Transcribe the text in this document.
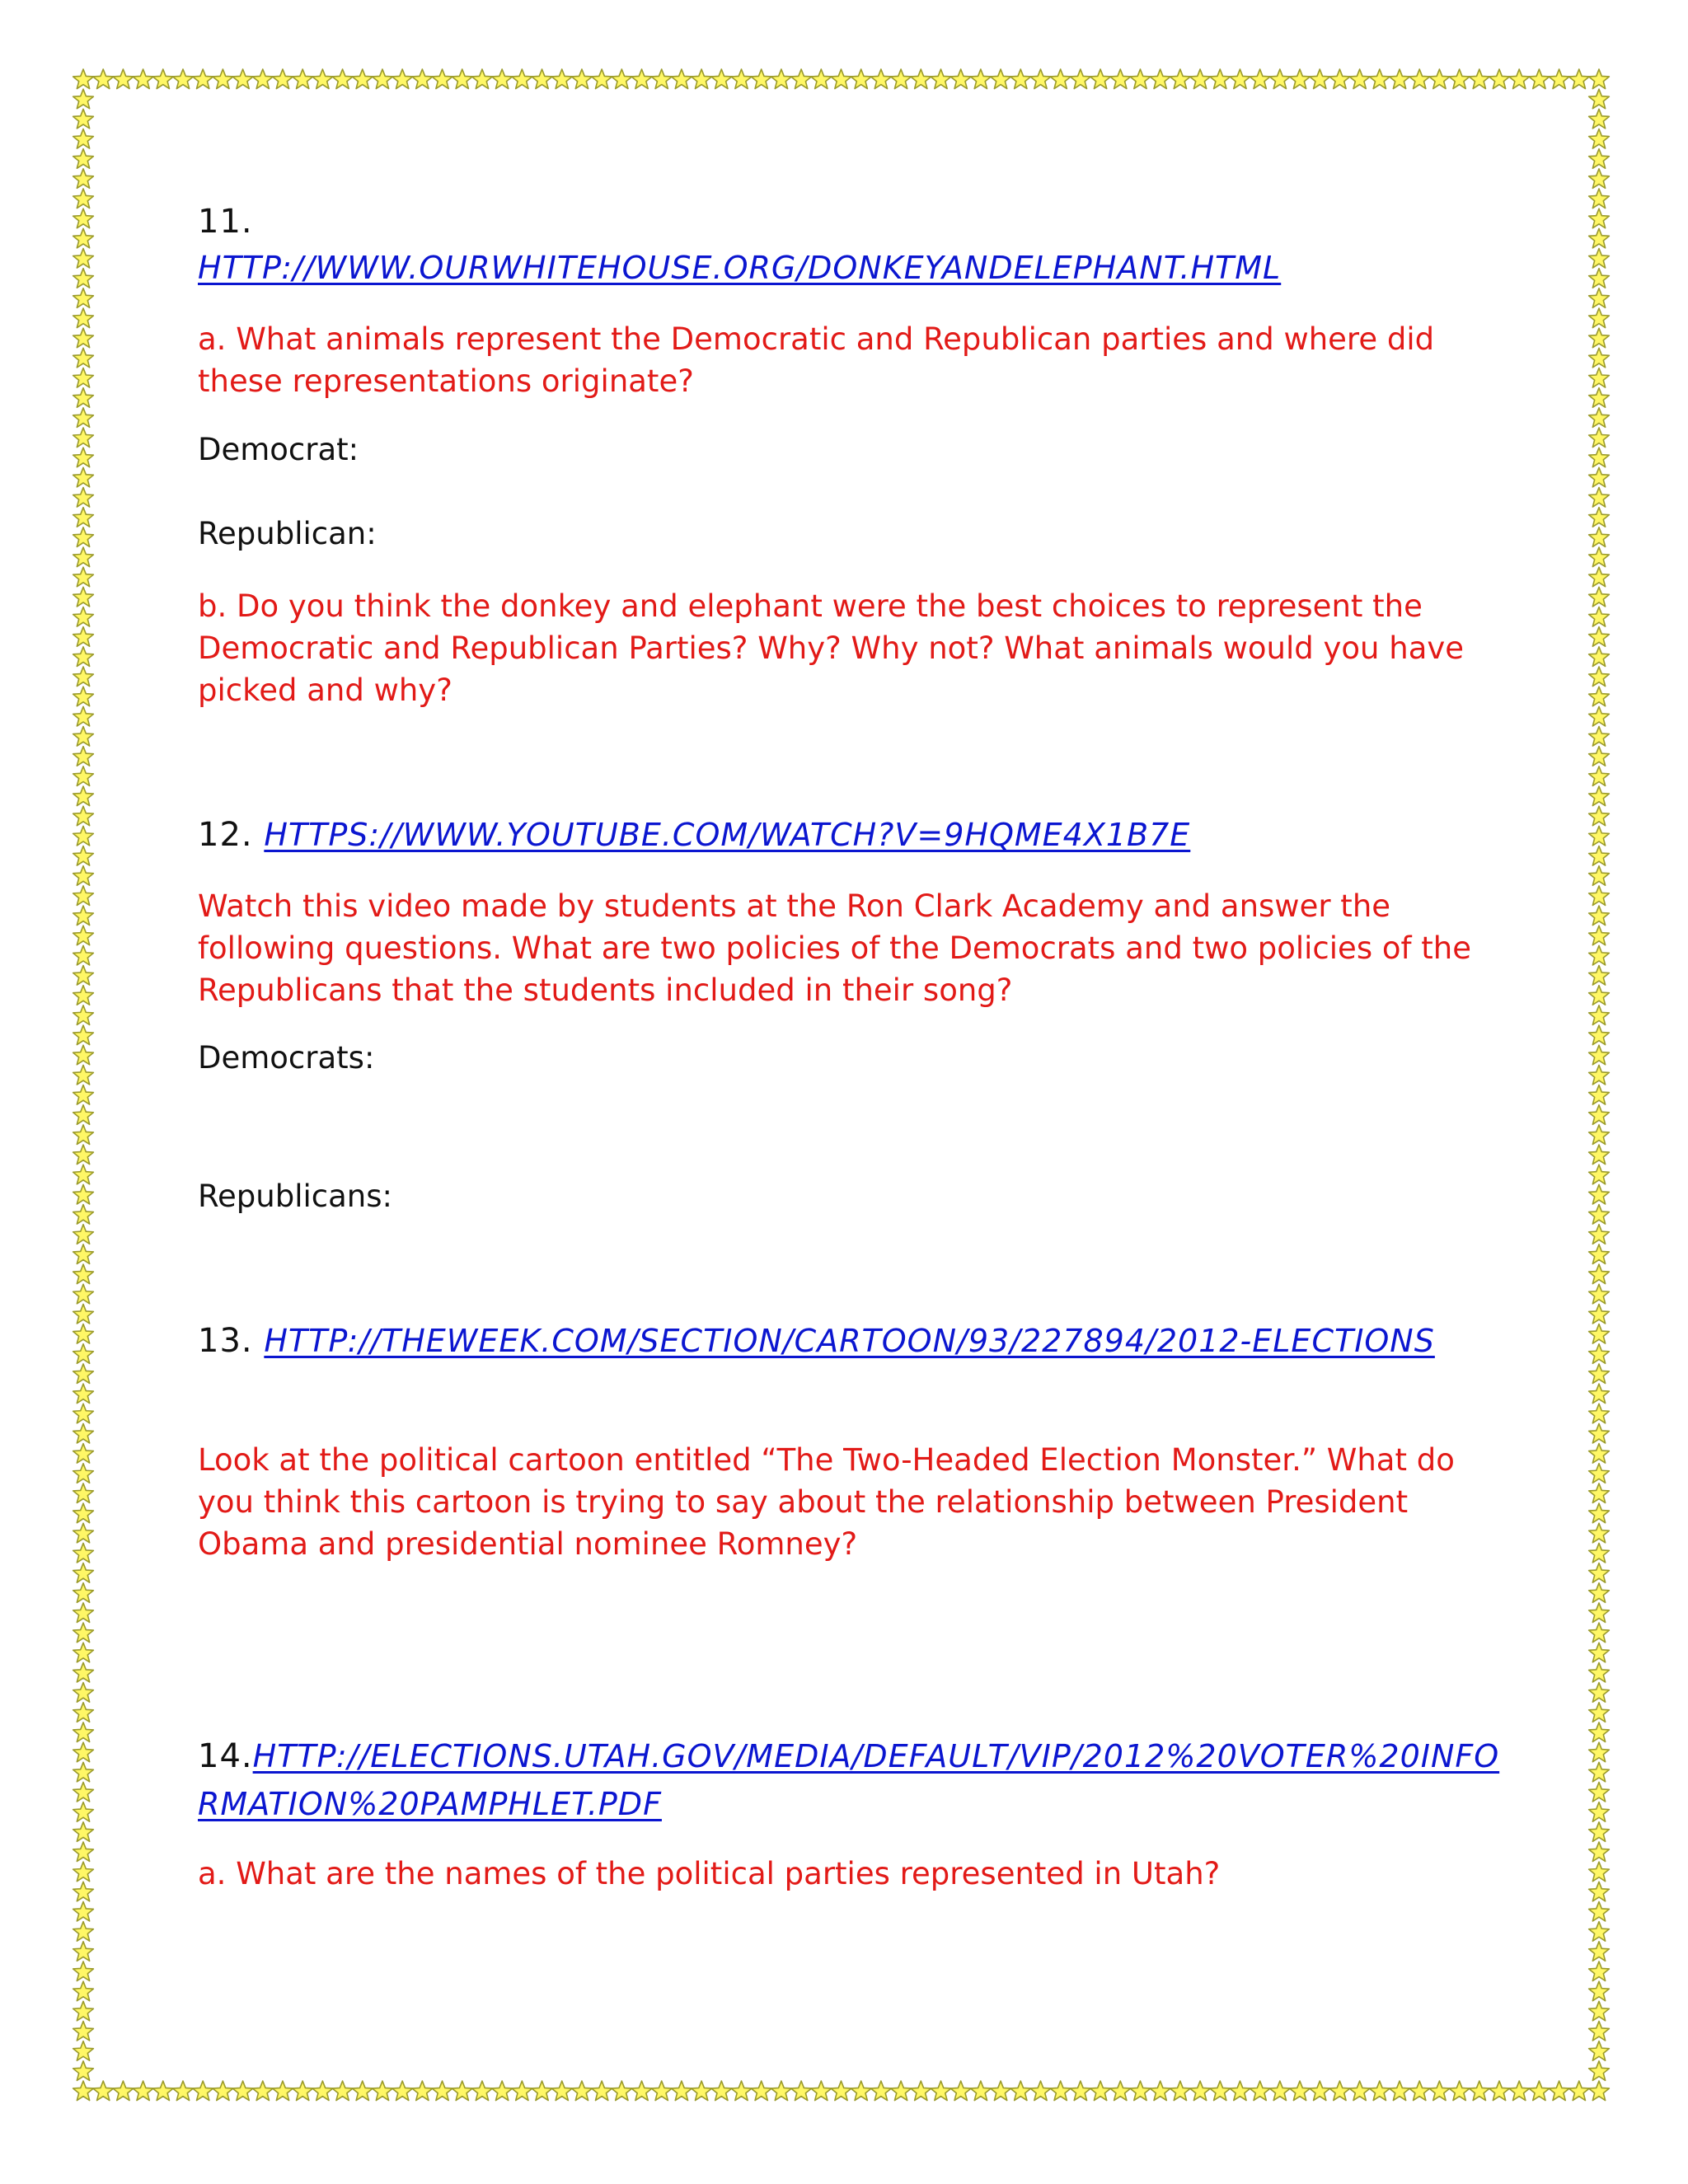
11.
HTTP://WWW.OURWHITEHOUSE.ORG/DONKEYANDELEPHANT.HTML

a. What animals represent the Democratic and Republican parties and where did these representations originate?

Democrat:

Republican:

b. Do you think the donkey and elephant were the best choices to represent the Democratic and Republican Parties? Why? Why not? What animals would you have picked and why?

12. HTTPS://WWW.YOUTUBE.COM/WATCH?V=9HQME4X1B7E

Watch this video made by students at the Ron Clark Academy and answer the following questions. What are two policies of the Democrats and two policies of the Republicans that the students included in their song?

Democrats:

Republicans:

13. HTTP://THEWEEK.COM/SECTION/CARTOON/93/227894/2012-ELECTIONS

Look at the political cartoon entitled “The Two-Headed Election Monster.” What do you think this cartoon is trying to say about the relationship between President Obama and presidential nominee Romney?

14.HTTP://ELECTIONS.UTAH.GOV/MEDIA/DEFAULT/VIP/2012%20VOTER%20INFORMATION%20PAMPHLET.PDF

a. What are the names of the political parties represented in Utah?
